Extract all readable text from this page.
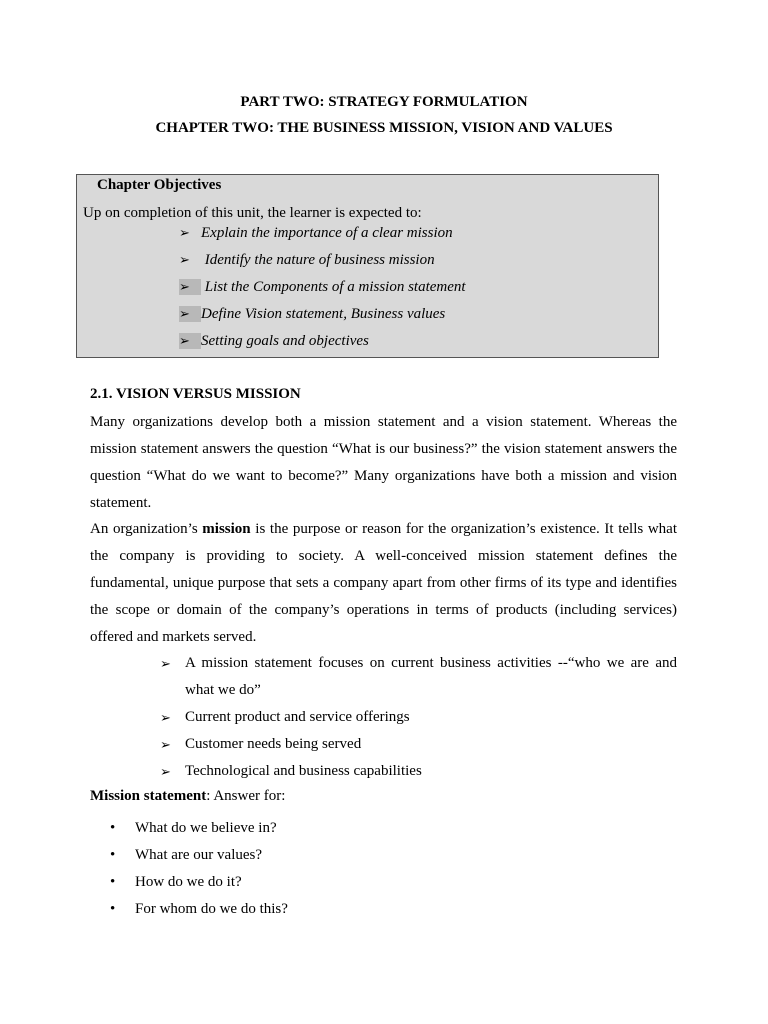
PART TWO: STRATEGY FORMULATION
CHAPTER TWO: THE BUSINESS MISSION, VISION AND VALUES
Chapter Objectives
Up on completion of this unit, the learner is expected to:
➢ Explain the importance of a clear mission
➢ Identify the nature of business mission
➢ List the Components of a mission statement
➢ Define Vision statement, Business values
➢ Setting goals and objectives
2.1. VISION VERSUS MISSION
Many organizations develop both a mission statement and a vision statement. Whereas the mission statement answers the question “What is our business?” the vision statement answers the question “What do we want to become?” Many organizations have both a mission and vision statement.
An organization’s mission is the purpose or reason for the organization’s existence. It tells what the company is providing to society. A well-conceived mission statement defines the fundamental, unique purpose that sets a company apart from other firms of its type and identifies the scope or domain of the company’s operations in terms of products (including services) offered and markets served.
➢ A mission statement focuses on current business activities --“who we are and what we do”
➢ Current product and service offerings
➢ Customer needs being served
➢ Technological and business capabilities
Mission statement: Answer for:
• What do we believe in?
• What are our values?
• How do we do it?
• For whom do we do this?
